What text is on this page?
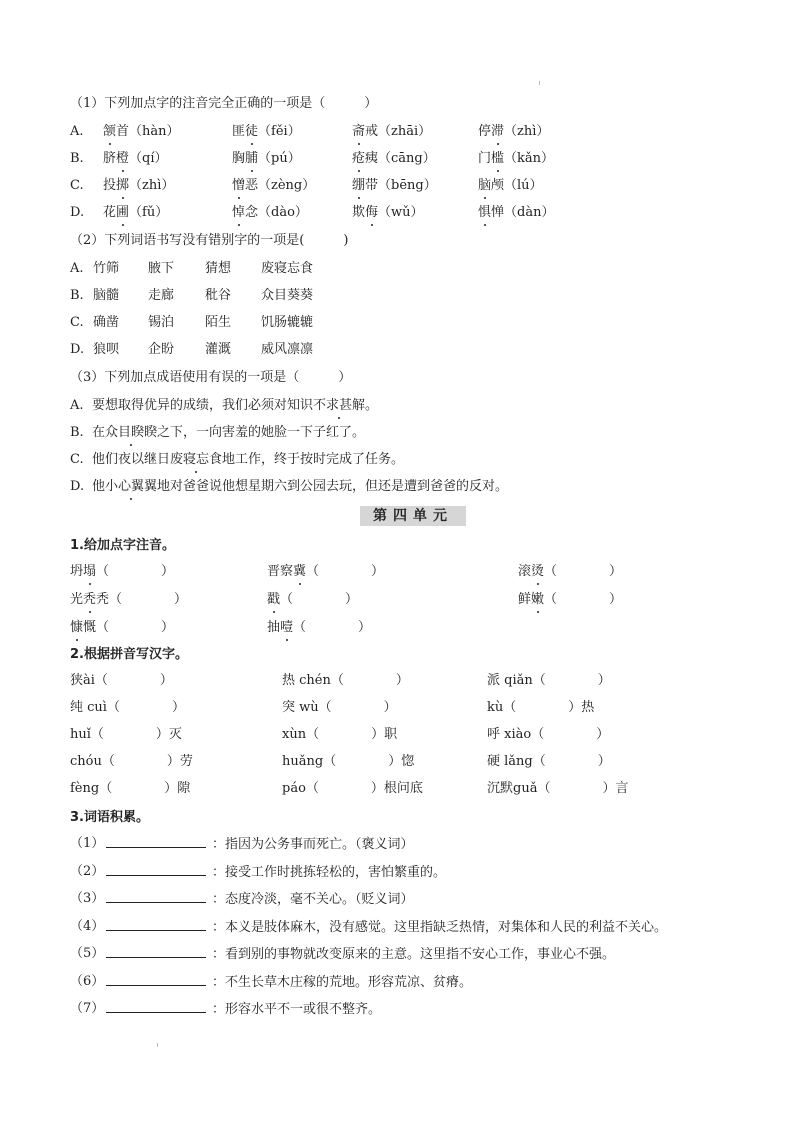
（1）下列加点字的注音完全正确的一项是（　　　）
A. 颔首（hàn）	匪徒（fěi）	斋戒（zhāi）	停滞（zhì）
B. 脐橙（qí）	胸脯（pú）	疮痍（cāng）	门槛（kǎn）
C. 投掷（zhì）	憎恶（zèng）	绷带（bēng）	脑颅（lú）
D. 花圃（fǔ）	悼念（dào）	欺侮（wǔ）	惧惮（dàn）
（2）下列词语书写没有错别字的一项是(　　　)
A. 竹筛 腋下 猜想 废寝忘食
B. 脑髓 走廊 秕谷 众目葵葵
C. 确凿 锡泊 陌生 饥肠辘辘
D. 狼呗 企盼 灌溉 威风凛凛
（3）下列加点成语使用有误的一项是（　　　）
A. 要想取得优异的成绩，我们必须对知识不求甚解。
B. 在众目睽睽之下，一向害羞的她脸一下子红了。
C. 他们夜以继日废寝忘食地工作，终于按时完成了任务。
D. 他小心翼翼地对爸爸说他想星期六到公园去玩，但还是遭到爸爸的反对。
第四单元
1.给加点字注音。
坍塌（　　　　）	晋察冀（　　　　）	滚烫（　　　　）
光秃秃（　　　　）	戳（　　　　）	鲜嫩（　　　　）
慷慨（　　　　）	抽噎（　　　　）
2.根据拼音写汉字。
狭ài（　　　　）	热 chén（　　　　）	派 qiǎn（　　　　）
纯 cuì（　　　　）	突 wù（　　　　）	kù（　　　　）热
huǐ（　　　　）灭	xùn（　　　　）职	呼 xiào（　　　　）
chóu（　　　　）劳	huǎng（　　　　）惚	硬 lǎng（　　　　）
fèng（　　　　）隙	páo（　　　　）根问底	沉默guǎ（　　　　）言
3.词语积累。
（1）	：指因为公务事而死亡。（褒义词）
（2）	：接受工作时挑拣轻松的，害怕繁重的。
（3）	：态度冷淡，毫不关心。（贬义词）
（4）	：本义是肢体麻木，没有感觉。这里指缺乏热情，对集体和人民的利益不关心。
（5）	：看到别的事物就改变原来的主意。这里指不安心工作，事业心不强。
（6）	：不生长草木庄稼的荒地。形容荒凉、贫瘠。
（7）	：形容水平不一或很不整齐。
